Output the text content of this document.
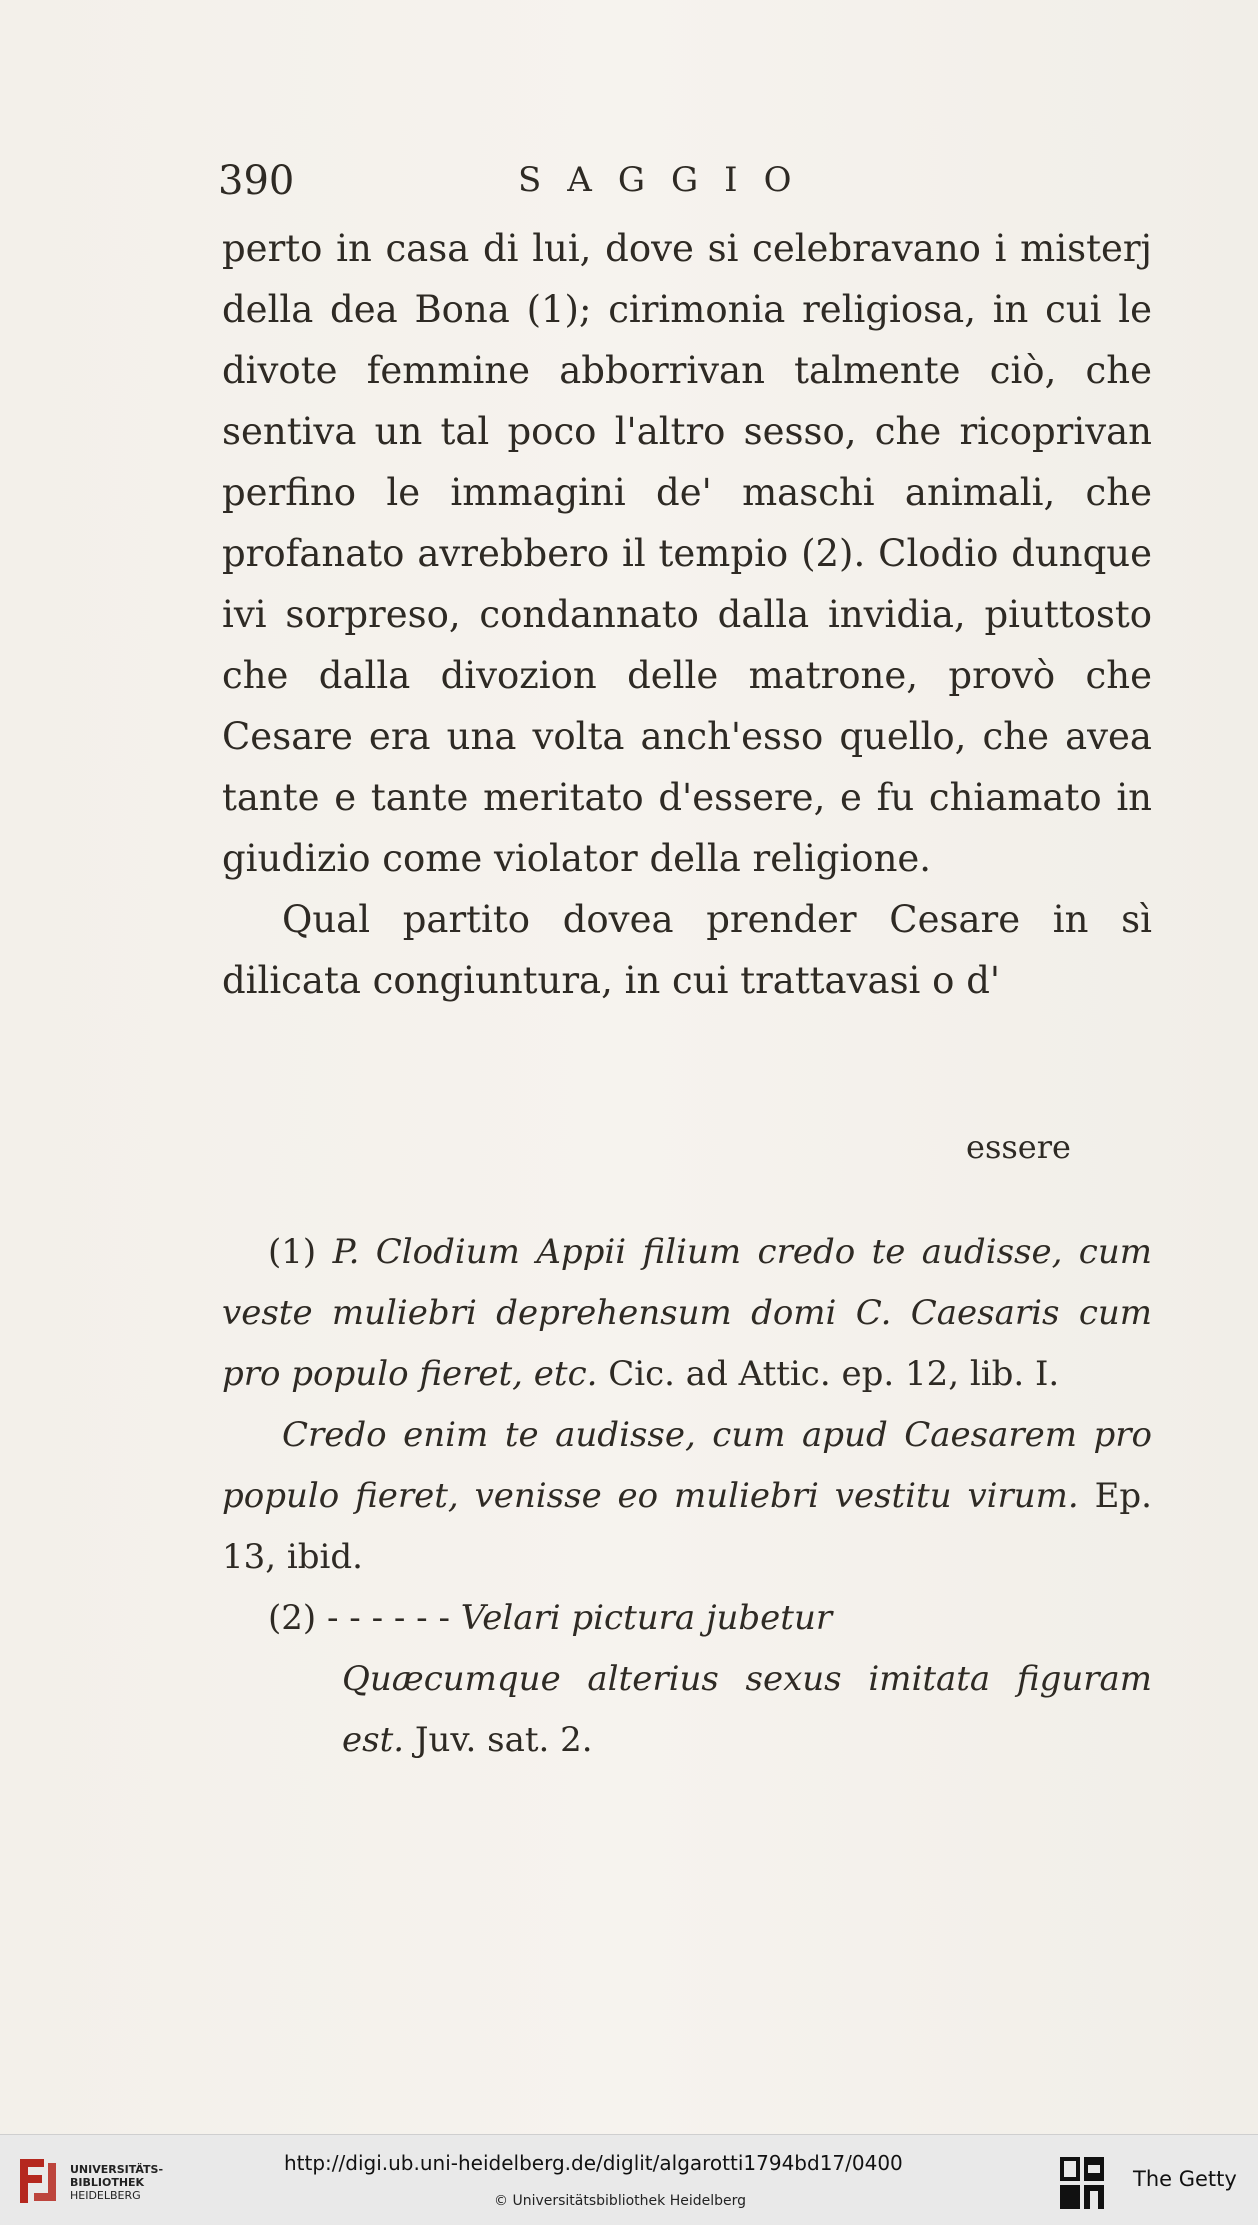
390	SAGGIO

perto in casa di lui, dove si celebravano i misterj della dea Bona (1); cirimonia religiosa, in cui le divote femmine abborrivan talmente ciò, che sentiva un tal poco l'altro sesso, che ricoprivan perfino le immagini de' maschi animali, che profanato avrebbero il tempio (2). Clodio dunque ivi sorpreso, condannato dalla invidia, piuttosto che dalla divozion delle matrone, provò che Cesare era una volta anch'esso quello, che avea tante e tante meritato d'essere, e fu chiamato in giudizio come violator della religione.

Qual partito dovea prender Cesare in sì dilicata congiuntura, in cui trattavasi o d'

essere

(1) P. Clodium Appii filium credo te audisse, cum veste muliebri deprehensum domi C. Caesaris cum pro populo fieret, etc. Cic. ad Attic. ep. 12, lib. I.

Credo enim te audisse, cum apud Caesarem pro populo fieret, venisse eo muliebri vestitu virum. Ep. 13, ibid.

(2) - - - - - - Velari pictura jubetur

Quæcumque alterius sexus imitata figuram est. Juv. sat. 2.

UNIVERSITÄTS-
BIBLIOTHEK
HEIDELBERG
http://digi.ub.uni-heidelberg.de/diglit/algarotti1794bd17/0400
© Universitätsbibliothek Heidelberg
The Getty
